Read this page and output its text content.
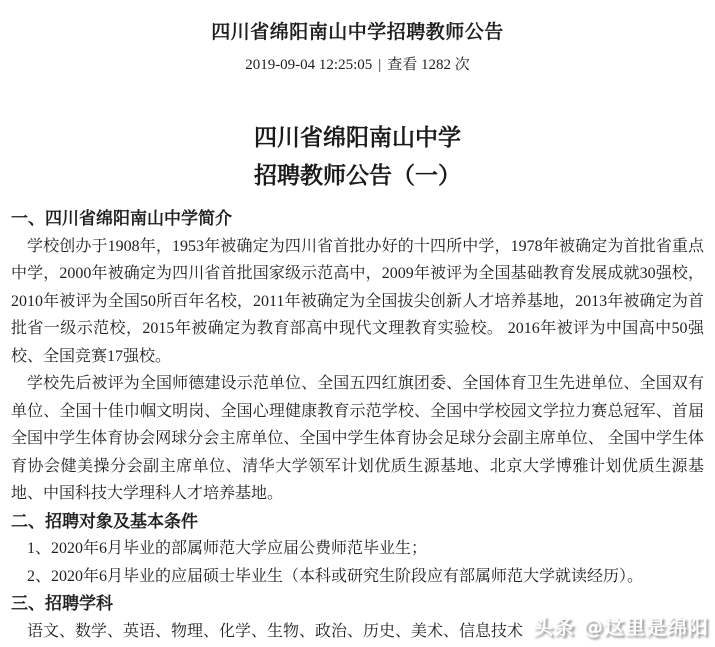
四川省绵阳南山中学招聘教师公告
2019-09-04 12:25:05 | 查看 1282 次
四川省绵阳南山中学
招聘教师公告（一）
一、四川省绵阳南山中学简介

学校创办于1908年，1953年被确定为四川省首批办好的十四所中学，1978年被确定为首批省重点中学，2000年被确定为四川省首批国家级示范高中，2009年被评为全国基础教育发展成就30强校，2010年被评为全国50所百年名校，2011年被确定为全国拔尖创新人才培养基地，2013年被确定为首批省一级示范校，2015年被确定为教育部高中现代文理教育实验校。 2016年被评为中国高中50强校、全国竞赛17强校。

学校先后被评为全国师德建设示范单位、全国五四红旗团委、全国体育卫生先进单位、全国双有单位、全国十佳巾帼文明岗、全国心理健康教育示范学校、全国中学校园文学拉力赛总冠军、首届全国中学生体育协会网球分会主席单位、全国中学生体育协会足球分会副主席单位、 全国中学生体育协会健美操分会副主席单位、清华大学领军计划优质生源基地、北京大学博雅计划优质生源基地、中国科技大学理科人才培养基地。

二、招聘对象及基本条件

1、2020年6月毕业的部属师范大学应届公费师范毕业生；

2、2020年6月毕业的应届硕士毕业生（本科或研究生阶段应有部属师范大学就读经历）。

三、招聘学科

语文、数学、英语、物理、化学、生物、政治、历史、美术、信息技术 头条 @这里是绵阳
